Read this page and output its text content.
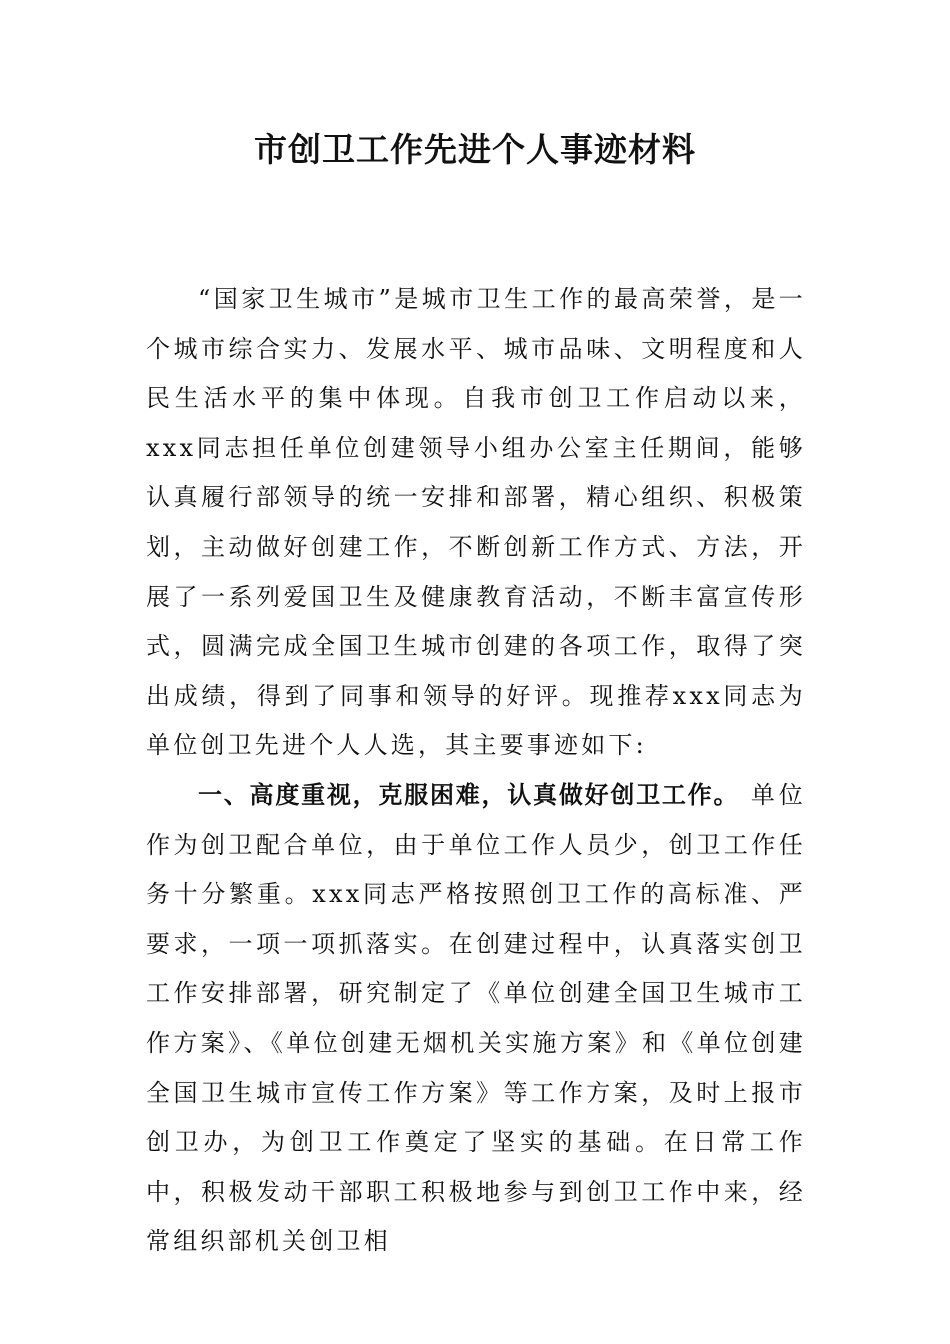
市创卫工作先进个人事迹材料

“国家卫生城市”是城市卫生工作的最高荣誉，是一个城市综合实力、发展水平、城市品味、文明程度和人民生活水平的集中体现。自我市创卫工作启动以来，xxx同志担任单位创建领导小组办公室主任期间，能够认真履行部领导的统一安排和部署，精心组织、积极策划，主动做好创建工作，不断创新工作方式、方法，开展了一系列爱国卫生及健康教育活动，不断丰富宣传形式，圆满完成全国卫生城市创建的各项工作，取得了突出成绩，得到了同事和领导的好评。现推荐xxx同志为单位创卫先进个人人选，其主要事迹如下:

一、高度重视，克服困难，认真做好创卫工作。 单位作为创卫配合单位，由于单位工作人员少，创卫工作任务十分繁重。xxx同志严格按照创卫工作的高标准、严要求，一项一项抓落实。在创建过程中，认真落实创卫工作安排部署，研究制定了《单位创建全国卫生城市工作方案》、《单位创建无烟机关实施方案》和《单位创建全国卫生城市宣传工作方案》等工作方案，及时上报市创卫办，为创卫工作奠定了坚实的基础。在日常工作中，积极发动干部职工积极地参与到创卫工作中来，经常组织部机关创卫相
